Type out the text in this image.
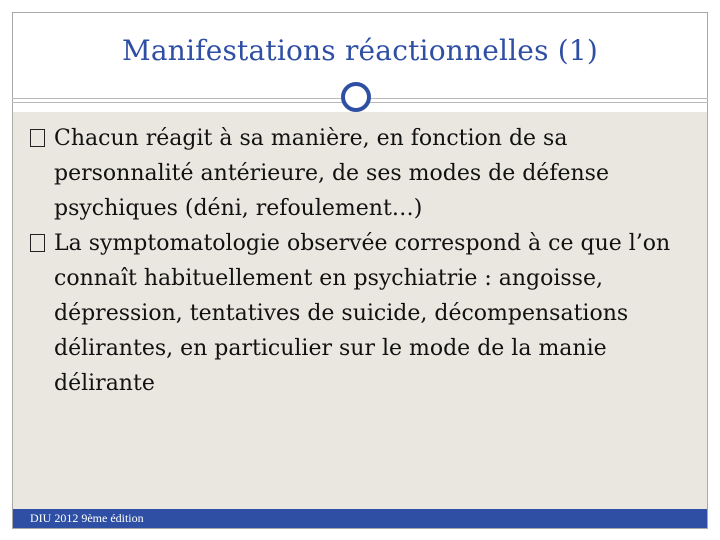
Manifestations réactionnelles (1)
Chacun réagit à sa manière, en fonction de sa personnalité antérieure, de ses modes de défense psychiques (déni, refoulement…)
La symptomatologie observée correspond à ce que l’on connaît habituellement en psychiatrie : angoisse, dépression, tentatives de suicide, décompensations délirantes, en particulier sur le mode de la manie délirante
DIU 2012 9ème édition
